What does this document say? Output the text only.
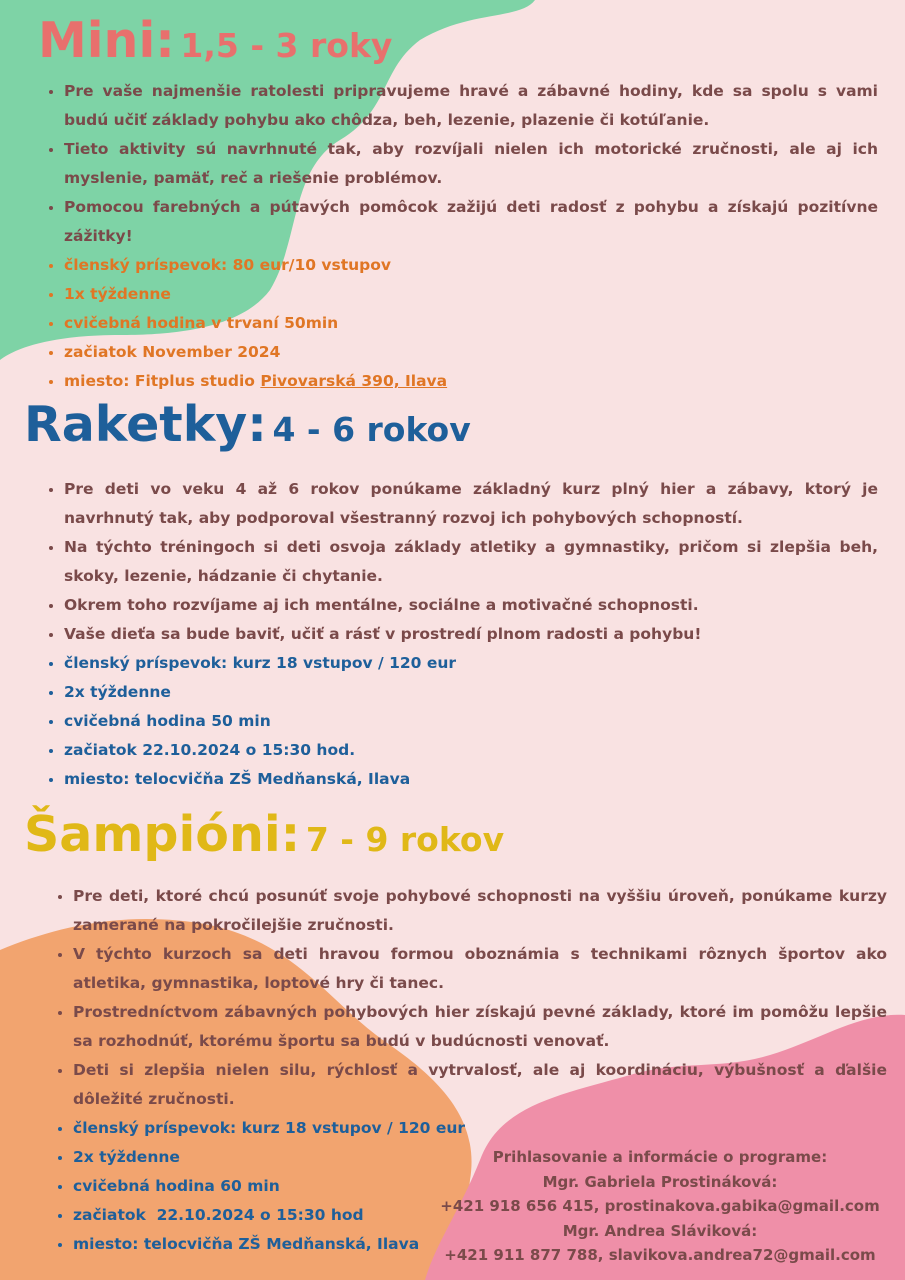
Mini: 1,5 - 3 roky
Pre vaše najmenšie ratolesti pripravujeme hravé a zábavné hodiny, kde sa spolu s vami budú učiť základy pohybu ako chôdza, beh, lezenie, plazenie či kotúľanie.
Tieto aktivity sú navrhnuté tak, aby rozvíjali nielen ich motorické zručnosti, ale aj ich myslenie, pamäť, reč a riešenie problémov.
Pomocou farebných a pútavých pomôcok zažijú deti radosť z pohybu a získajú pozitívne zážitky!
členský príspevok: 80 eur/10 vstupov
1x týždenne
cvičebná hodina v trvaní 50min
začiatok November 2024
miesto: Fitplus studio Pivovarská 390, Ilava
Raketky: 4 - 6 rokov
Pre deti vo veku 4 až 6 rokov ponúkame základný kurz plný hier a zábavy, ktorý je navrhnutý tak, aby podporoval všestranný rozvoj ich pohybových schopností.
Na týchto tréningoch si deti osvoja základy atletiky a gymnastiky, pričom si zlepšia beh, skoky, lezenie, hádzanie či chytanie.
Okrem toho rozvíjame aj ich mentálne, sociálne a motivačné schopnosti.
Vaše dieťa sa bude baviť, učiť a rásť v prostredí plnom radosti a pohybu!
členský príspevok: kurz 18 vstupov / 120 eur
2x týždenne
cvičebná hodina 50 min
začiatok 22.10.2024 o 15:30 hod.
miesto: telocvičňa ZŠ Medňanská, Ilava
Šampióni: 7 - 9 rokov
Pre deti, ktoré chcú posunúť svoje pohybové schopnosti na vyššiu úroveň, ponúkame kurzy zamerané na pokročilejšie zručnosti.
V týchto kurzoch sa deti hravou formou oboznámia s technikami rôznych športov ako atletika, gymnastika, loptové hry či tanec.
Prostredníctvom zábavných pohybových hier získajú pevné základy, ktoré im pomôžu lepšie sa rozhodnúť, ktorému športu sa budú v budúcnosti venovať.
Deti si zlepšia nielen silu, rýchlosť a vytrvalosť, ale aj koordináciu, výbušnosť a ďalšie dôležité zručnosti.
členský príspevok: kurz 18 vstupov / 120 eur
2x týždenne
cvičebná hodina 60 min
začiatok  22.10.2024 o 15:30 hod
miesto: telocvičňa ZŠ Medňanská, Ilava
Prihlasovanie a informácie o programe:
Mgr. Gabriela Prostináková:
+421 918 656 415, prostinakova.gabika@gmail.com
Mgr. Andrea Sláviková:
+421 911 877 788, slavikova.andrea72@gmail.com
